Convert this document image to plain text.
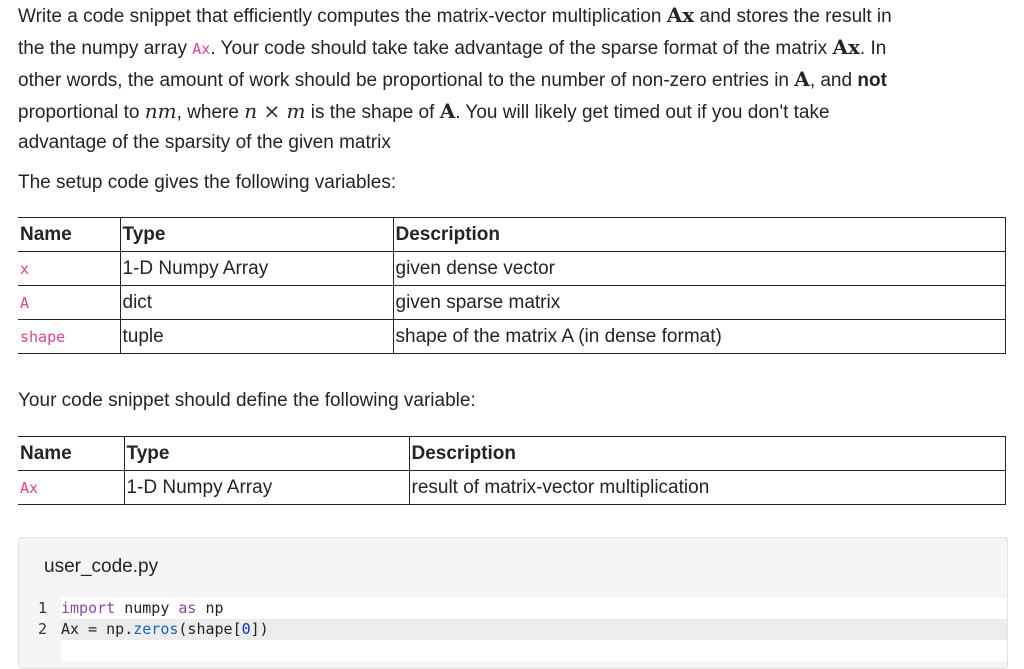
Write a code snippet that efficiently computes the matrix-vector multiplication Ax and stores the result in
the the numpy array Ax. Your code should take take advantage of the sparse format of the matrix Ax. In
other words, the amount of work should be proportional to the number of non-zero entries in A, and not
proportional to nm, where n × m is the shape of A. You will likely get timed out if you don't take
advantage of the sparsity of the given matrix

The setup code gives the following variables:
Name	Type	Description
x	1-D Numpy Array	given dense vector
A	dict	given sparse matrix
shape	tuple	shape of the matrix A (in dense format)
Your code snippet should define the following variable:
Name	Type	Description
Ax	1-D Numpy Array	result of matrix-vector multiplication
user_code.py
1 import numpy as np
2 Ax = np.zeros(shape[0])
